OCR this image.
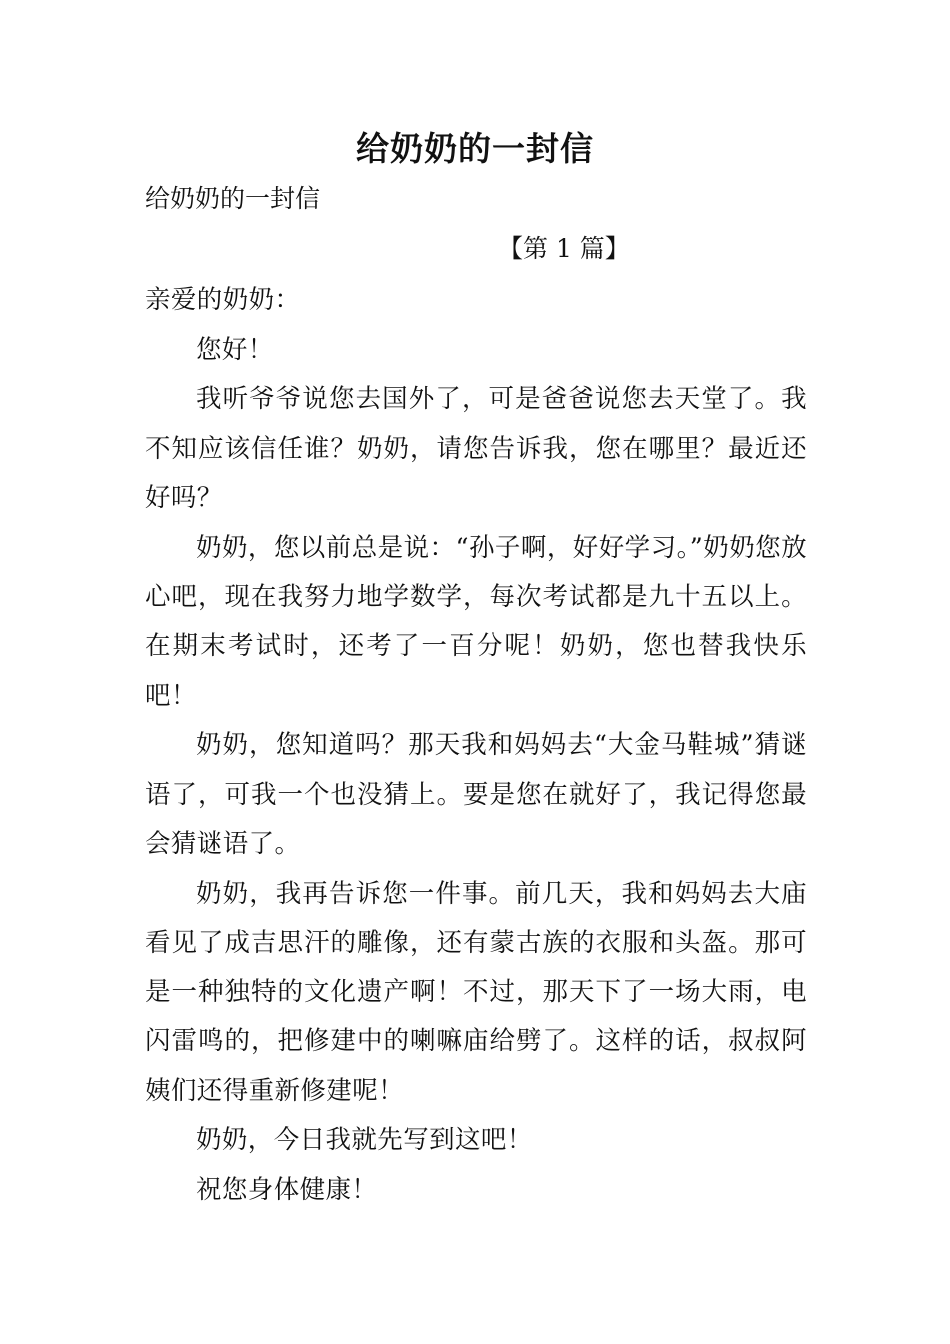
给奶奶的一封信
给奶奶的一封信
【第 1 篇】

亲爱的奶奶：

您好！

我听爷爷说您去国外了，可是爸爸说您去天堂了。我不知应该信任谁？奶奶，请您告诉我，您在哪里？最近还好吗？

奶奶，您以前总是说：“孙子啊，好好学习。”奶奶您放心吧，现在我努力地学数学，每次考试都是九十五以上。在期末考试时，还考了一百分呢！奶奶，您也替我快乐吧！

奶奶，您知道吗？那天我和妈妈去“大金马鞋城”猜谜语了，可我一个也没猜上。要是您在就好了，我记得您最会猜谜语了。

奶奶，我再告诉您一件事。前几天，我和妈妈去大庙看见了成吉思汗的雕像，还有蒙古族的衣服和头盔。那可是一种独特的文化遗产啊！不过，那天下了一场大雨，电闪雷鸣的，把修建中的喇嘛庙给劈了。这样的话，叔叔阿姨们还得重新修建呢！

奶奶，今日我就先写到这吧！

祝您身体健康！
